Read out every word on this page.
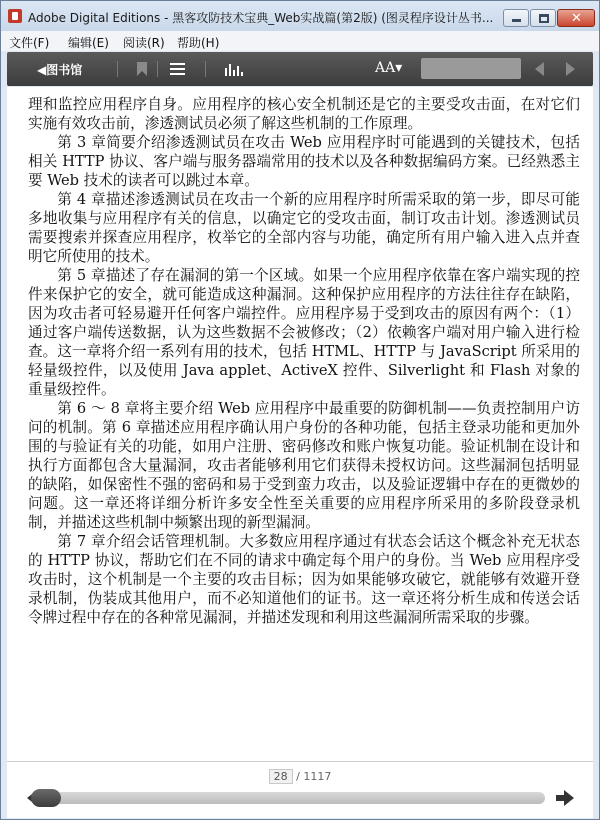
Adobe Digital Editions - 黑客攻防技术宝典_Web实战篇(第2版) (图灵程序设计丛书...	✕
文件(F) 编辑(E) 阅读(R) 帮助(H)
◀图书馆	AA▾

理和监控应用程序自身。应用程序的核心安全机制还是它的主要受攻击面，在对它们实施有效攻击前，渗透测试员必须了解这些机制的工作原理。

第 3 章简要介绍渗透测试员在攻击 Web 应用程序时可能遇到的关键技术，包括相关 HTTP 协议、客户端与服务器端常用的技术以及各种数据编码方案。已经熟悉主要 Web 技术的读者可以跳过本章。

第 4 章描述渗透测试员在攻击一个新的应用程序时所需采取的第一步，即尽可能多地收集与应用程序有关的信息，以确定它的受攻击面，制订攻击计划。渗透测试员需要搜索并探查应用程序，枚举它的全部内容与功能，确定所有用户输入进入点并查明它所使用的技术。

第 5 章描述了存在漏洞的第一个区域。如果一个应用程序依靠在客户端实现的控件来保护它的安全，就可能造成这种漏洞。这种保护应用程序的方法往往存在缺陷，因为攻击者可轻易避开任何客户端控件。应用程序易于受到攻击的原因有两个：（1）通过客户端传送数据，认为这些数据不会被修改；（2）依赖客户端对用户输入进行检查。这一章将介绍一系列有用的技术，包括 HTML、HTTP 与 JavaScript 所采用的轻量级控件，以及使用 Java applet、ActiveX 控件、Silverlight 和 Flash 对象的重量级控件。

第 6 ～ 8 章将主要介绍 Web 应用程序中最重要的防御机制——负责控制用户访问的机制。第 6 章描述应用程序确认用户身份的各种功能，包括主登录功能和更加外围的与验证有关的功能，如用户注册、密码修改和账户恢复功能。验证机制在设计和执行方面都包含大量漏洞，攻击者能够利用它们获得未授权访问。这些漏洞包括明显的缺陷，如保密性不强的密码和易于受到蛮力攻击，以及验证逻辑中存在的更微妙的问题。这一章还将详细分析许多安全性至关重要的应用程序所采用的多阶段登录机制，并描述这些机制中频繁出现的新型漏洞。

第 7 章介绍会话管理机制。大多数应用程序通过有状态会话这个概念补充无状态的 HTTP 协议，帮助它们在不同的请求中确定每个用户的身份。当 Web 应用程序受攻击时，这个机制是一个主要的攻击目标；因为如果能够攻破它，就能够有效避开登录机制，伪装成其他用户，而不必知道他们的证书。这一章还将分析生成和传送会话令牌过程中存在的各种常见漏洞，并描述发现和利用这些漏洞所需采取的步骤。

28 / 1117
